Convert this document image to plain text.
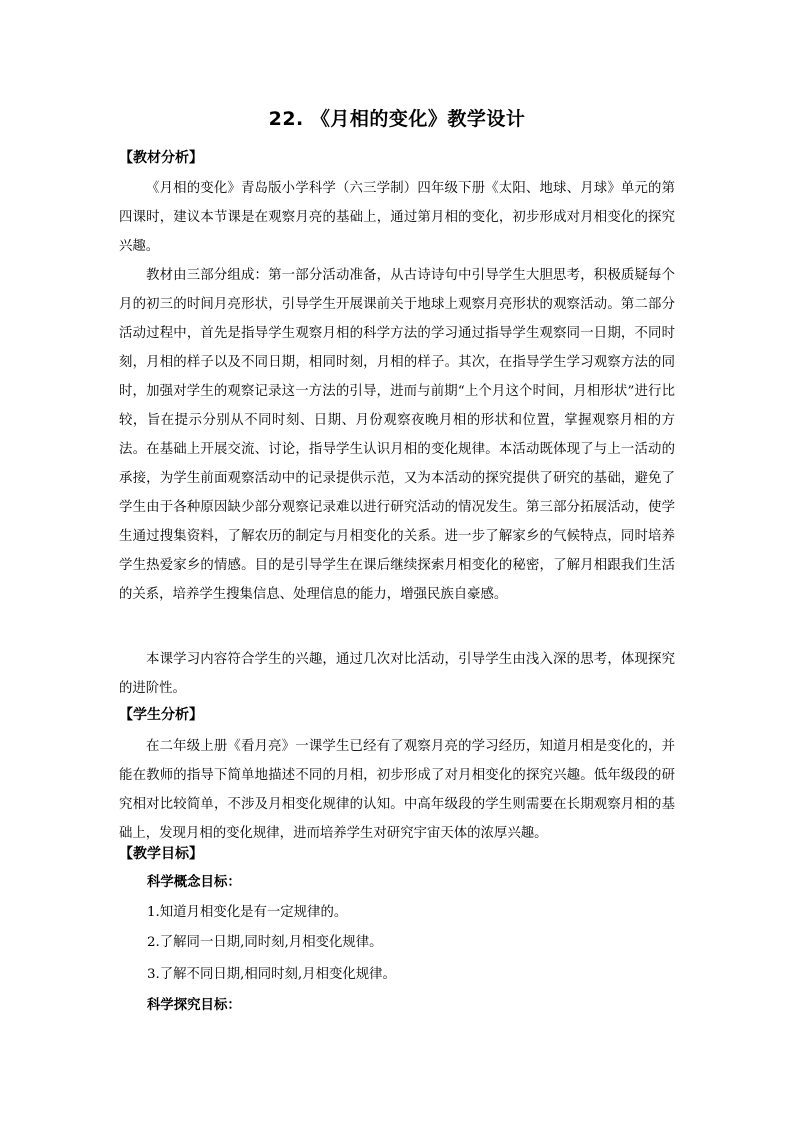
22. 《月相的变化》教学设计
【教材分析】

《月相的变化》青岛版小学科学（六三学制）四年级下册《太阳、地球、月球》单元的第四课时，建议本节课是在观察月亮的基础上，通过第月相的变化，初步形成对月相变化的探究兴趣。

教材由三部分组成：第一部分活动准备，从古诗诗句中引导学生大胆思考，积极质疑每个月的初三的时间月亮形状，引导学生开展课前关于地球上观察月亮形状的观察活动。第二部分活动过程中，首先是指导学生观察月相的科学方法的学习通过指导学生观察同一日期，不同时刻，月相的样子以及不同日期，相同时刻，月相的样子。其次，在指导学生学习观察方法的同时，加强对学生的观察记录这一方法的引导，进而与前期“上个月这个时间，月相形状”进行比较，旨在提示分别从不同时刻、日期、月份观察夜晚月相的形状和位置，掌握观察月相的方法。在基础上开展交流、讨论，指导学生认识月相的变化规律。本活动既体现了与上一活动的承接，为学生前面观察活动中的记录提供示范，又为本活动的探究提供了研究的基础，避免了学生由于各种原因缺少部分观察记录难以进行研究活动的情况发生。第三部分拓展活动，使学生通过搜集资料，了解农历的制定与月相变化的关系。进一步了解家乡的气候特点，同时培养学生热爱家乡的情感。目的是引导学生在课后继续探索月相变化的秘密，了解月相跟我们生活的关系，培养学生搜集信息、处理信息的能力，增强民族自豪感。

本课学习内容符合学生的兴趣，通过几次对比活动，引导学生由浅入深的思考，体现探究的进阶性。

【学生分析】

在二年级上册《看月亮》一课学生已经有了观察月亮的学习经历，知道月相是变化的，并能在教师的指导下简单地描述不同的月相，初步形成了对月相变化的探究兴趣。低年级段的研究相对比较简单，不涉及月相变化规律的认知。中高年级段的学生则需要在长期观察月相的基础上，发现月相的变化规律，进而培养学生对研究宇宙天体的浓厚兴趣。

【教学目标】
科学概念目标：
1.知道月相变化是有一定规律的。
2.了解同一日期,同时刻,月相变化规律。
3.了解不同日期,相同时刻,月相变化规律。
科学探究目标：
